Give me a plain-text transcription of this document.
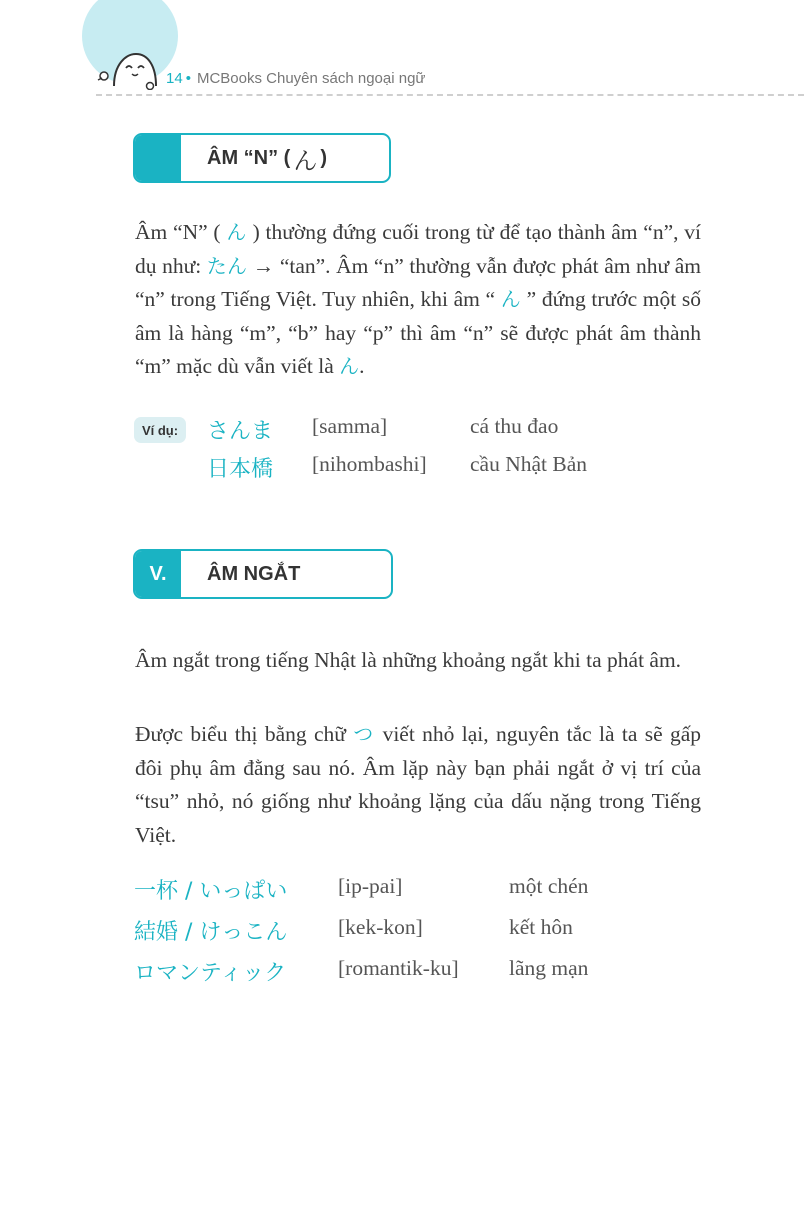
14 • MCBooks Chuyên sách ngoại ngữ
ÂM “N” ( ん )
Âm “N” ( ん ) thường đứng cuối trong từ để tạo thành âm “n”, ví dụ như: たん → “tan”. Âm “n” thường vẫn được phát âm như âm “n” trong Tiếng Việt. Tuy nhiên, khi âm “ ん ” đứng trước một số âm là hàng “m”, “b” hay “p” thì âm “n” sẽ được phát âm thành “m” mặc dù vẫn viết là ん.
Ví dụ:	さんま [samma]	cá thu đao
日本橋 [nihombashi] cầu Nhật Bản
V.	ÂM NGẮT
Âm ngắt trong tiếng Nhật là những khoảng ngắt khi ta phát âm.
Được biểu thị bằng chữ つ viết nhỏ lại, nguyên tắc là ta sẽ gấp đôi phụ âm đằng sau nó. Âm lặp này bạn phải ngắt ở vị trí của “tsu” nhỏ, nó giống như khoảng lặng của dấu nặng trong Tiếng Việt.
一杯 / いっぱい [ip-pai]	một chén
結婚 / けっこん [kek-kon]	kết hôn
ロマンティック [romantik-ku] lãng mạn
